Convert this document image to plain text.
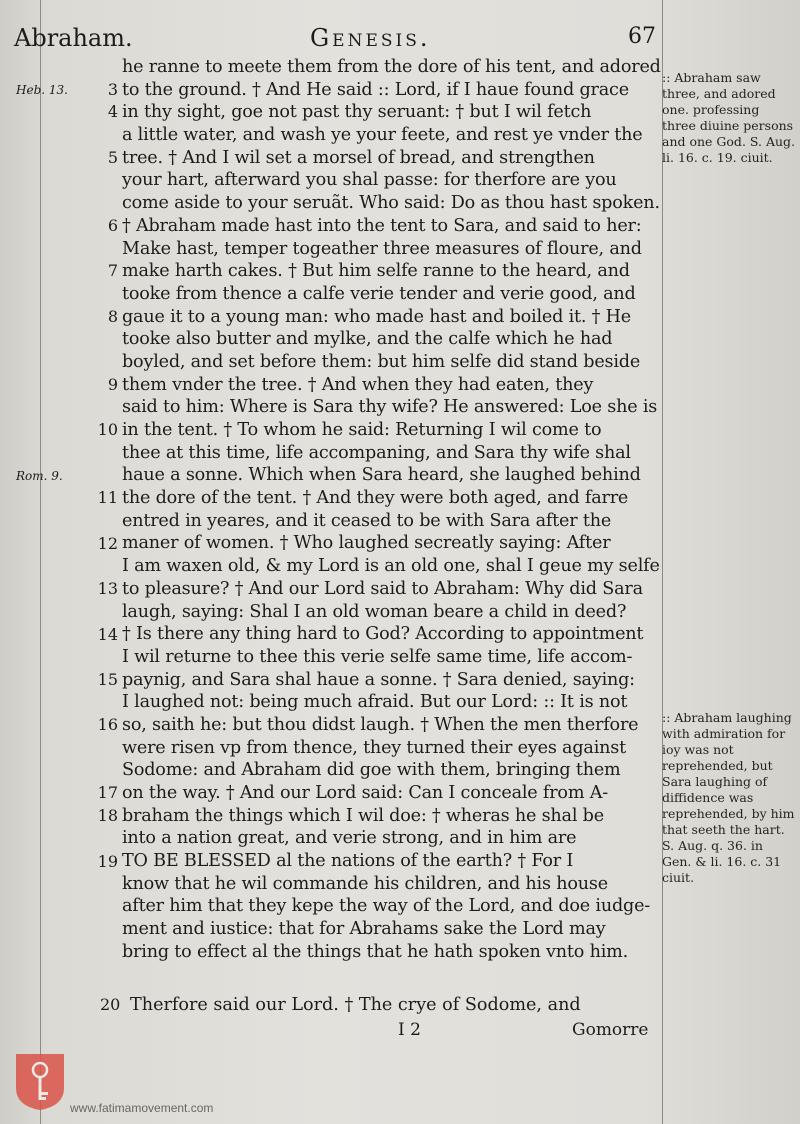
Abraham.	Genesis.	67
Heb. 13.
Rom. 9.
3
4
5
6
7
8
9
10
11
12
13
14
15
16
17
18
19
he ranne to meete them from the dore of his tent, and adored
to the ground. † And He said :: Lord, if I haue found grace
in thy sight, goe not past thy seruant: † but I wil fetch
a little water, and wash ye your feete, and rest ye vnder the
tree. † And I wil set a morsel of bread, and strengthen
your hart, afterward you shal passe: for therfore are you
come aside to your seruãt. Who said: Do as thou hast spoken.
† Abraham made hast into the tent to Sara, and said to her:
Make hast, temper togeather three measures of floure, and
make harth cakes. † But him selfe ranne to the heard, and
tooke from thence a calfe verie tender and verie good, and
gaue it to a young man: who made hast and boiled it. † He
tooke also butter and mylke, and the calfe which he had
boyled, and set before them: but him selfe did stand beside
them vnder the tree. † And when they had eaten, they
said to him: Where is Sara thy wife? He answered: Loe she is
in the tent. † To whom he said: Returning I wil come to
thee at this time, life accompaning, and Sara thy wife shal
haue a sonne. Which when Sara heard, she laughed behind
the dore of the tent. † And they were both aged, and farre
entred in yeares, and it ceased to be with Sara after the
maner of women. † Who laughed secreatly saying: After
I am waxen old, & my Lord is an old one, shal I geue my selfe
to pleasure? † And our Lord said to Abraham: Why did Sara
laugh, saying: Shal I an old woman beare a child in deed?
† Is there any thing hard to God? According to appointment
I wil returne to thee this verie selfe same time, life accom-
paynig, and Sara shal haue a sonne. † Sara denied, saying:
I laughed not: being much afraid. But our Lord: :: It is not
so, saith he: but thou didst laugh. † When the men therfore
were risen vp from thence, they turned their eyes against
Sodome: and Abraham did goe with them, bringing them
on the way. † And our Lord said: Can I conceale from A-
braham the things which I wil doe: † wheras he shal be
into a nation great, and verie strong, and in him are
TO BE BLESSED al the nations of the earth? † For I
know that he wil commande his children, and his house
after him that they kepe the way of the Lord, and doe iudge-
ment and iustice: that for Abrahams sake the Lord may
bring to effect al the things that he hath spoken vnto him.
20 Therfore said our Lord. † The crye of Sodome, and
:: Abraham saw three, and adored one. professing three diuine persons and one God. S. Aug. li. 16. c. 19. ciuit.
:: Abraham laughing with admiration for ioy was not reprehended, but Sara laughing of diffidence was reprehended, by him that seeth the hart. S. Aug. q. 36. in Gen. & li. 16. c. 31 ciuit.
I 2	Gomorre
www.fatimamovement.com
